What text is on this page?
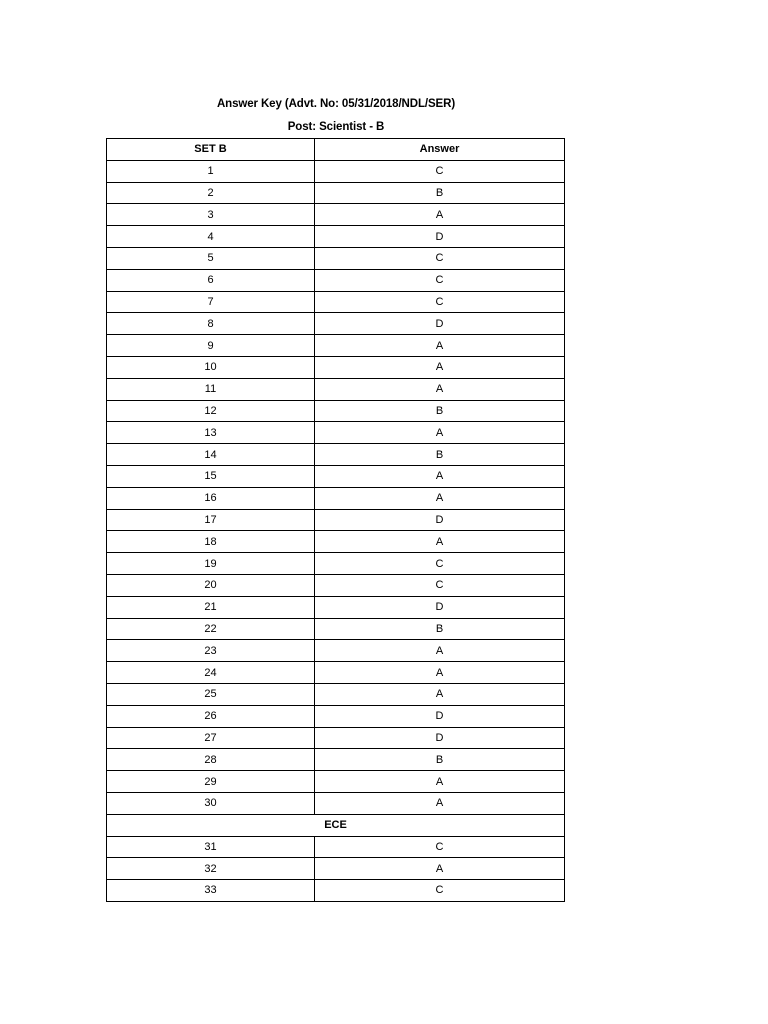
Answer Key (Advt. No: 05/31/2018/NDL/SER)
Post: Scientist - B
SET B	Answer
1	C
2	B
3	A
4	D
5	C
6	C
7	C
8	D
9	A
10	A
11	A
12	B
13	A
14	B
15	A
16	A
17	D
18	A
19	C
20	C
21	D
22	B
23	A
24	A
25	A
26	D
27	D
28	B
29	A
30	A
ECE	
31	C
32	A
33	C
